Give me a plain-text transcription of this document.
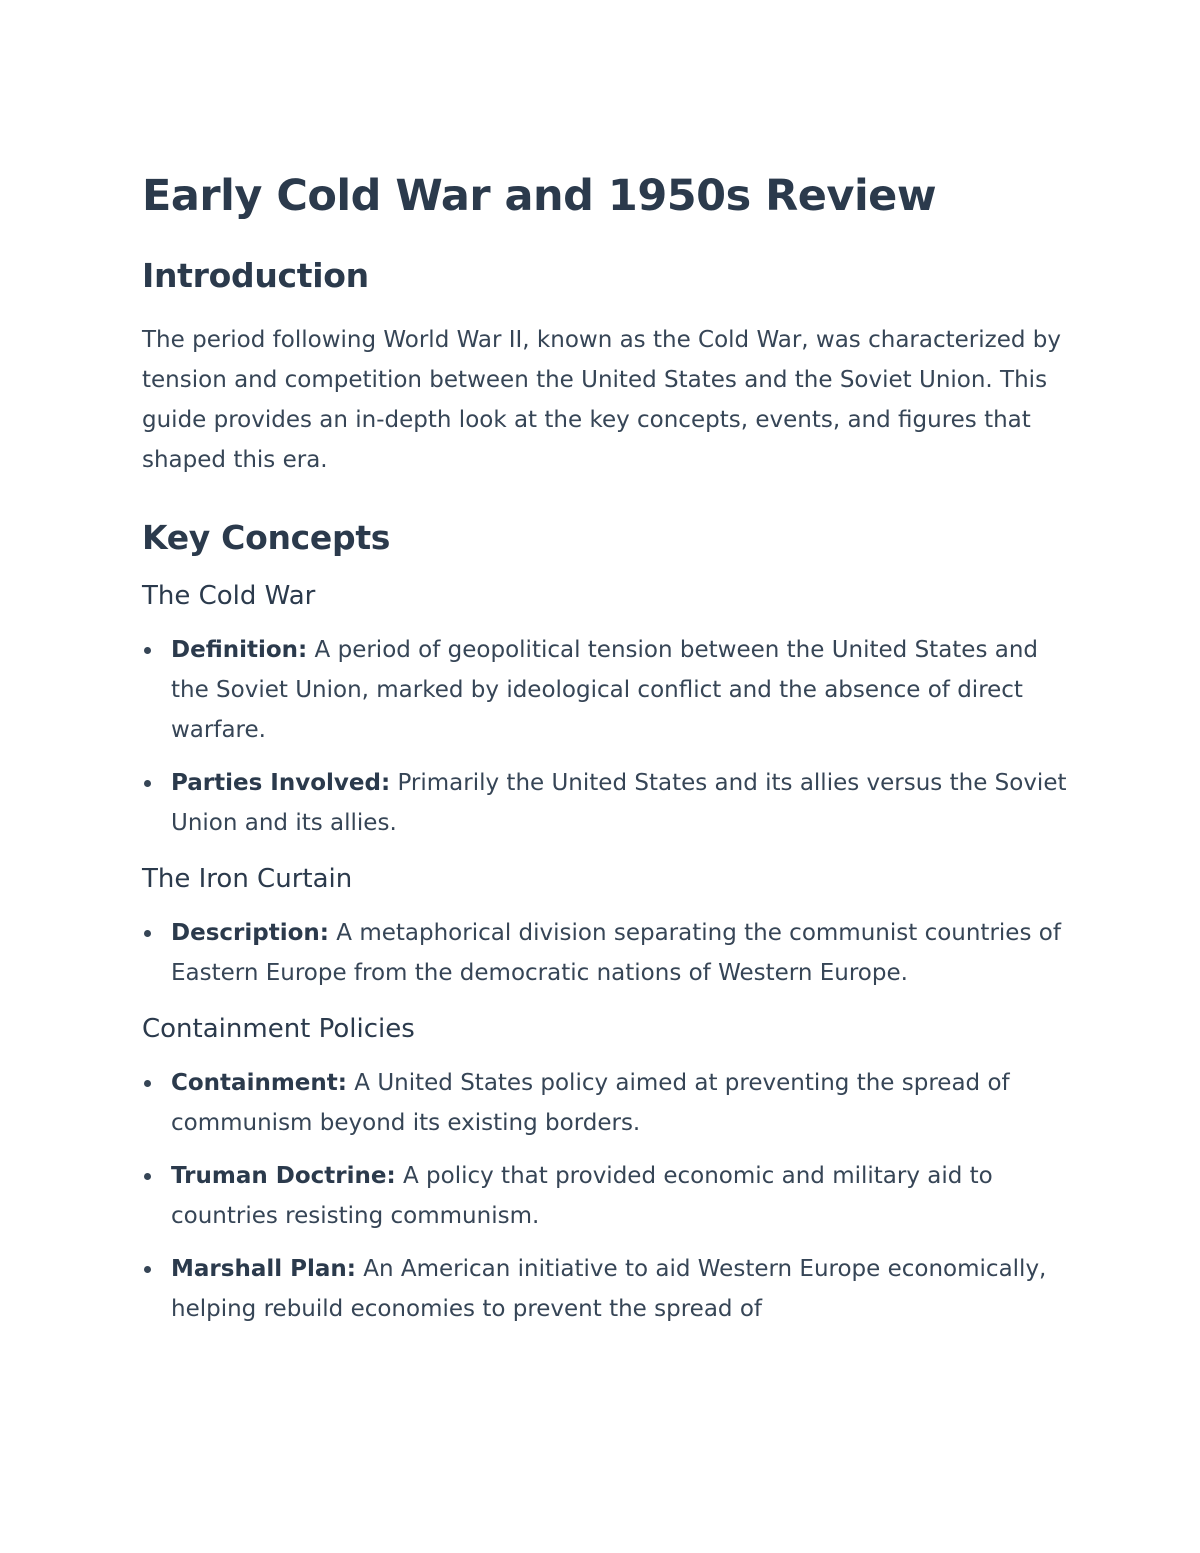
Early Cold War and 1950s Review
Introduction

The period following World War II, known as the Cold War, was characterized by tension and competition between the United States and the Soviet Union. This guide provides an in-depth look at the key concepts, events, and figures that shaped this era.

Key Concepts
The Cold War
Definition: A period of geopolitical tension between the United States and the Soviet Union, marked by ideological conflict and the absence of direct warfare.
Parties Involved: Primarily the United States and its allies versus the Soviet Union and its allies.
The Iron Curtain
Description: A metaphorical division separating the communist countries of Eastern Europe from the democratic nations of Western Europe.
Containment Policies
Containment: A United States policy aimed at preventing the spread of communism beyond its existing borders.
Truman Doctrine: A policy that provided economic and military aid to countries resisting communism.
Marshall Plan: An American initiative to aid Western Europe economically, helping rebuild economies to prevent the spread of
